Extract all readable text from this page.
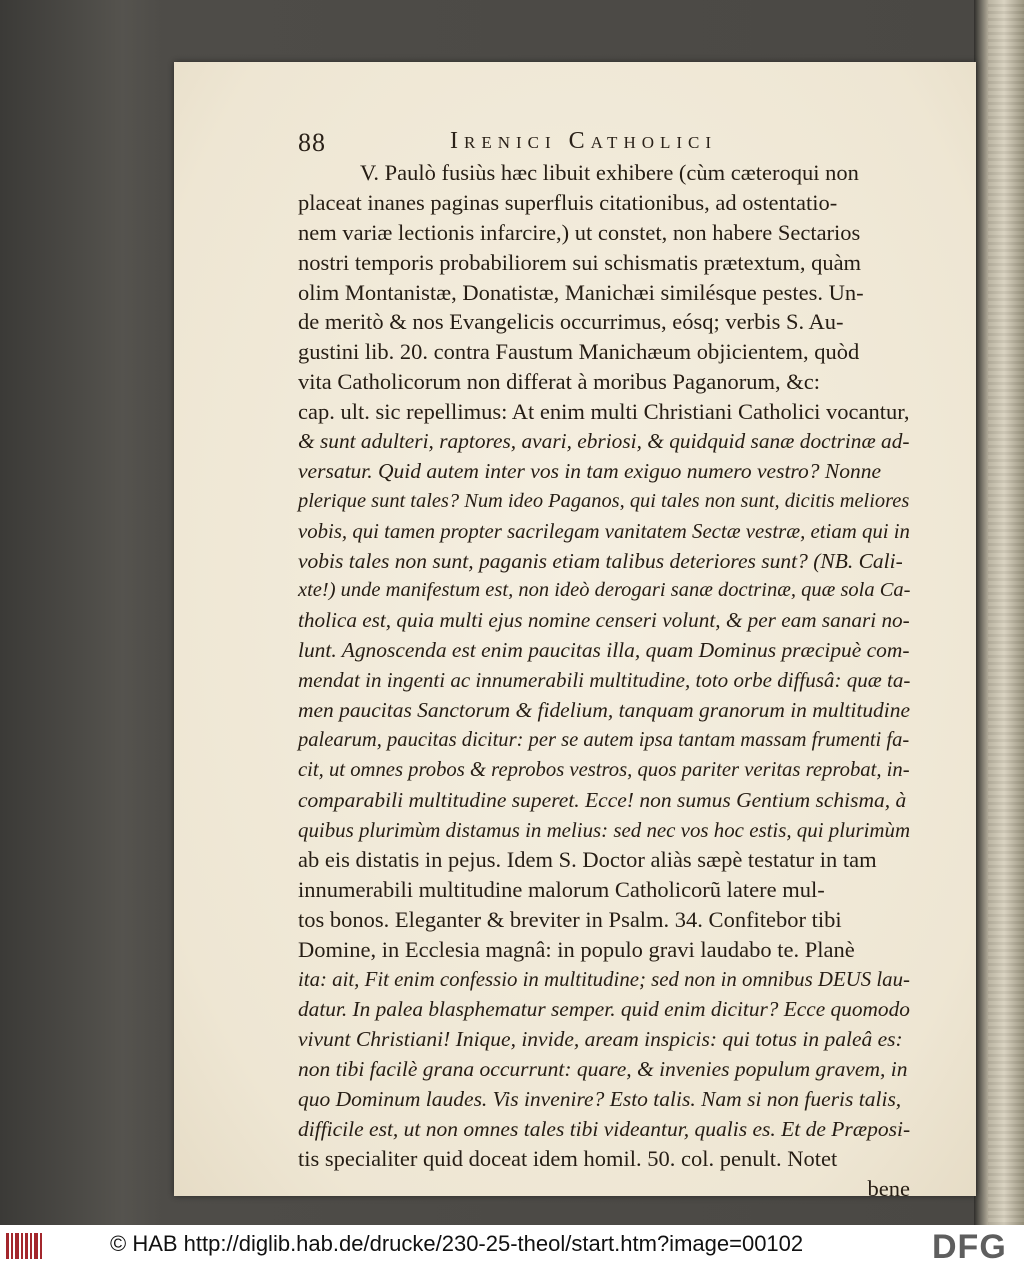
88	Irenici Catholici
V. Paulò fusiùs hæc libuit exhibere (cùm cæteroqui non
placeat inanes paginas superfluis citationibus, ad ostentatio-
nem variæ lectionis infarcire,) ut constet, non habere Sectarios
nostri temporis probabiliorem sui schismatis prætextum, quàm
olim Montanistæ, Donatistæ, Manichæi similésque pestes. Un-
de meritò & nos Evangelicis occurrimus, eósq; verbis S. Au-
gustini lib. 20. contra Faustum Manichæum objicientem, quòd
vita Catholicorum non differat à moribus Paganorum, &c:
cap. ult. sic repellimus: At enim multi Christiani Catholici vocantur,
& sunt adulteri, raptores, avari, ebriosi, & quidquid sanæ doctrinæ ad-
versatur. Quid autem inter vos in tam exiguo numero vestro? Nonne
plerique sunt tales? Num ideo Paganos, qui tales non sunt, dicitis meliores
vobis, qui tamen propter sacrilegam vanitatem Sectæ vestræ, etiam qui in
vobis tales non sunt, paganis etiam talibus deteriores sunt? (NB. Cali-
xte!) unde manifestum est, non ideò derogari sanæ doctrinæ, quæ sola Ca-
tholica est, quia multi ejus nomine censeri volunt, & per eam sanari no-
lunt. Agnoscenda est enim paucitas illa, quam Dominus præcipuè com-
mendat in ingenti ac innumerabili multitudine, toto orbe diffusâ: quæ ta-
men paucitas Sanctorum & fidelium, tanquam granorum in multitudine
palearum, paucitas dicitur: per se autem ipsa tantam massam frumenti fa-
cit, ut omnes probos & reprobos vestros, quos pariter veritas reprobat, in-
comparabili multitudine superet. Ecce! non sumus Gentium schisma, à
quibus plurimùm distamus in melius: sed nec vos hoc estis, qui plurimùm
ab eis distatis in pejus. Idem S. Doctor aliàs sæpè testatur in tam
innumerabili multitudine malorum Catholicorũ latere mul-
tos bonos. Eleganter & breviter in Psalm. 34. Confitebor tibi
Domine, in Ecclesia magnâ: in populo gravi laudabo te. Planè
ita: ait, Fit enim confessio in multitudine; sed non in omnibus DEUS lau-
datur. In palea blasphematur semper. quid enim dicitur? Ecce quomodo
vivunt Christiani! Inique, invide, aream inspicis: qui totus in paleâ es:
non tibi facilè grana occurrunt: quare, & invenies populum gravem, in
quo Dominum laudes. Vis invenire? Esto talis. Nam si non fueris talis,
difficile est, ut non omnes tales tibi videantur, qualis es. Et de Præposi-
tis specialiter quid doceat idem homil. 50. col. penult. Notet
bene
© HAB http://diglib.hab.de/drucke/230-25-theol/start.htm?image=00102	DFG
